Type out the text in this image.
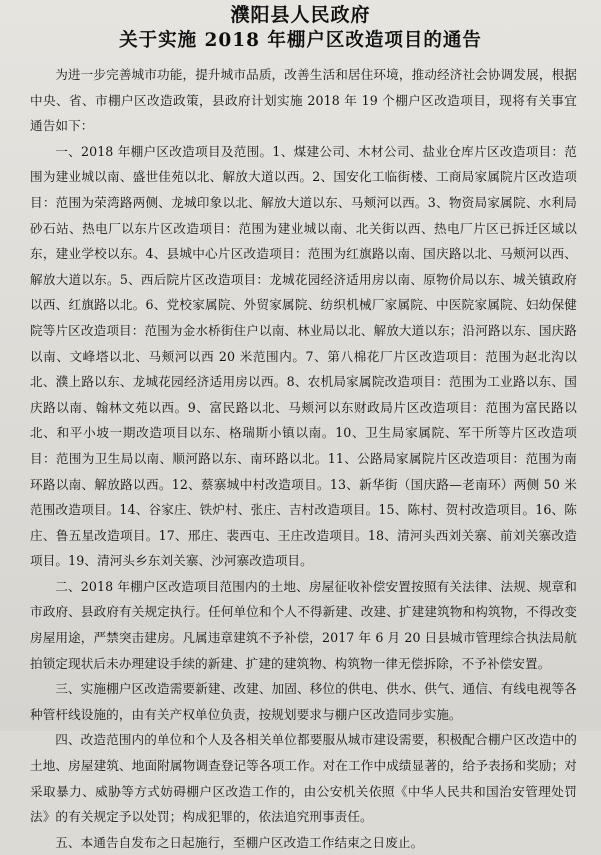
濮阳县人民政府
关于实施 2018 年棚户区改造项目的通告

为进一步完善城市功能，提升城市品质，改善生活和居住环境，推动经济社会协调发展，根据中央、省、市棚户区改造政策，县政府计划实施 2018 年 19 个棚户区改造项目，现将有关事宜通告如下：

一、2018 年棚户区改造项目及范围。1、煤建公司、木材公司、盐业仓库片区改造项目：范围为建业城以南、盛世佳苑以北、解放大道以西。2、国安化工临街楼、工商局家属院片区改造项目：范围为荣湾路两侧、龙城印象以北、解放大道以东、马颊河以西。3、物资局家属院、水利局砂石站、热电厂以东片区改造项目：范围为建业城以南、北关街以西、热电厂片区已拆迁区域以东，建业学校以东。4、县城中心片区改造项目：范围为红旗路以南、国庆路以北、马颊河以西、解放大道以东。5、西后院片区改造项目：龙城花园经济适用房以南、原物价局以东、城关镇政府以西、红旗路以北。6、党校家属院、外贸家属院、纺织机械厂家属院、中医院家属院、妇幼保健院等片区改造项目：范围为金水桥街住户以南、林业局以北、解放大道以东；沿河路以东、国庆路以南、文峰塔以北、马颊河以西 20 米范围内。7、第八棉花厂片区改造项目：范围为赵北沟以北、濮上路以东、龙城花园经济适用房以西。8、农机局家属院改造项目：范围为工业路以东、国庆路以南、翰林文苑以西。9、富民路以北、马颊河以东财政局片区改造项目：范围为富民路以北、和平小坡一期改造项目以东、格瑞斯小镇以南。10、卫生局家属院、军干所等片区改造项目：范围为卫生局以南、顺河路以东、南环路以北。11、公路局家属院片区改造项目：范围为南环路以南、解放路以西。12、蔡寨城中村改造项目。13、新华街（国庆路—老南环）两侧 50 米范围改造项目。14、谷家庄、铁炉村、张庄、吉村改造项目。15、陈村、贺村改造项目。16、陈庄、鲁五星改造项目。17、邢庄、裴西屯、王庄改造项目。18、清河头西刘关寨、前刘关寨改造项目。19、清河头乡东刘关寨、沙河寨改造项目。

二、2018 年棚户区改造项目范围内的土地、房屋征收补偿安置按照有关法律、法规、规章和市政府、县政府有关规定执行。任何单位和个人不得新建、改建、扩建建筑物和构筑物，不得改变房屋用途，严禁突击建房。凡属违章建筑不予补偿，2017 年 6 月 20 日县城市管理综合执法局航拍锁定现状后未办理建设手续的新建、扩建的建筑物、构筑物一律无偿拆除，不予补偿安置。

三、实施棚户区改造需要新建、改建、加固、移位的供电、供水、供气、通信、有线电视等各种管杆线设施的，由有关产权单位负责，按规划要求与棚户区改造同步实施。

四、改造范围内的单位和个人及各相关单位都要服从城市建设需要，积极配合棚户区改造中的土地、房屋建筑、地面附属物调查登记等各项工作。对在工作中成绩显著的，给予表扬和奖励；对采取暴力、威胁等方式妨碍棚户区改造工作的，由公安机关依照《中华人民共和国治安管理处罚法》的有关规定予以处罚；构成犯罪的，依法追究刑事责任。

五、本通告自发布之日起施行，至棚户区改造工作结束之日废止。
